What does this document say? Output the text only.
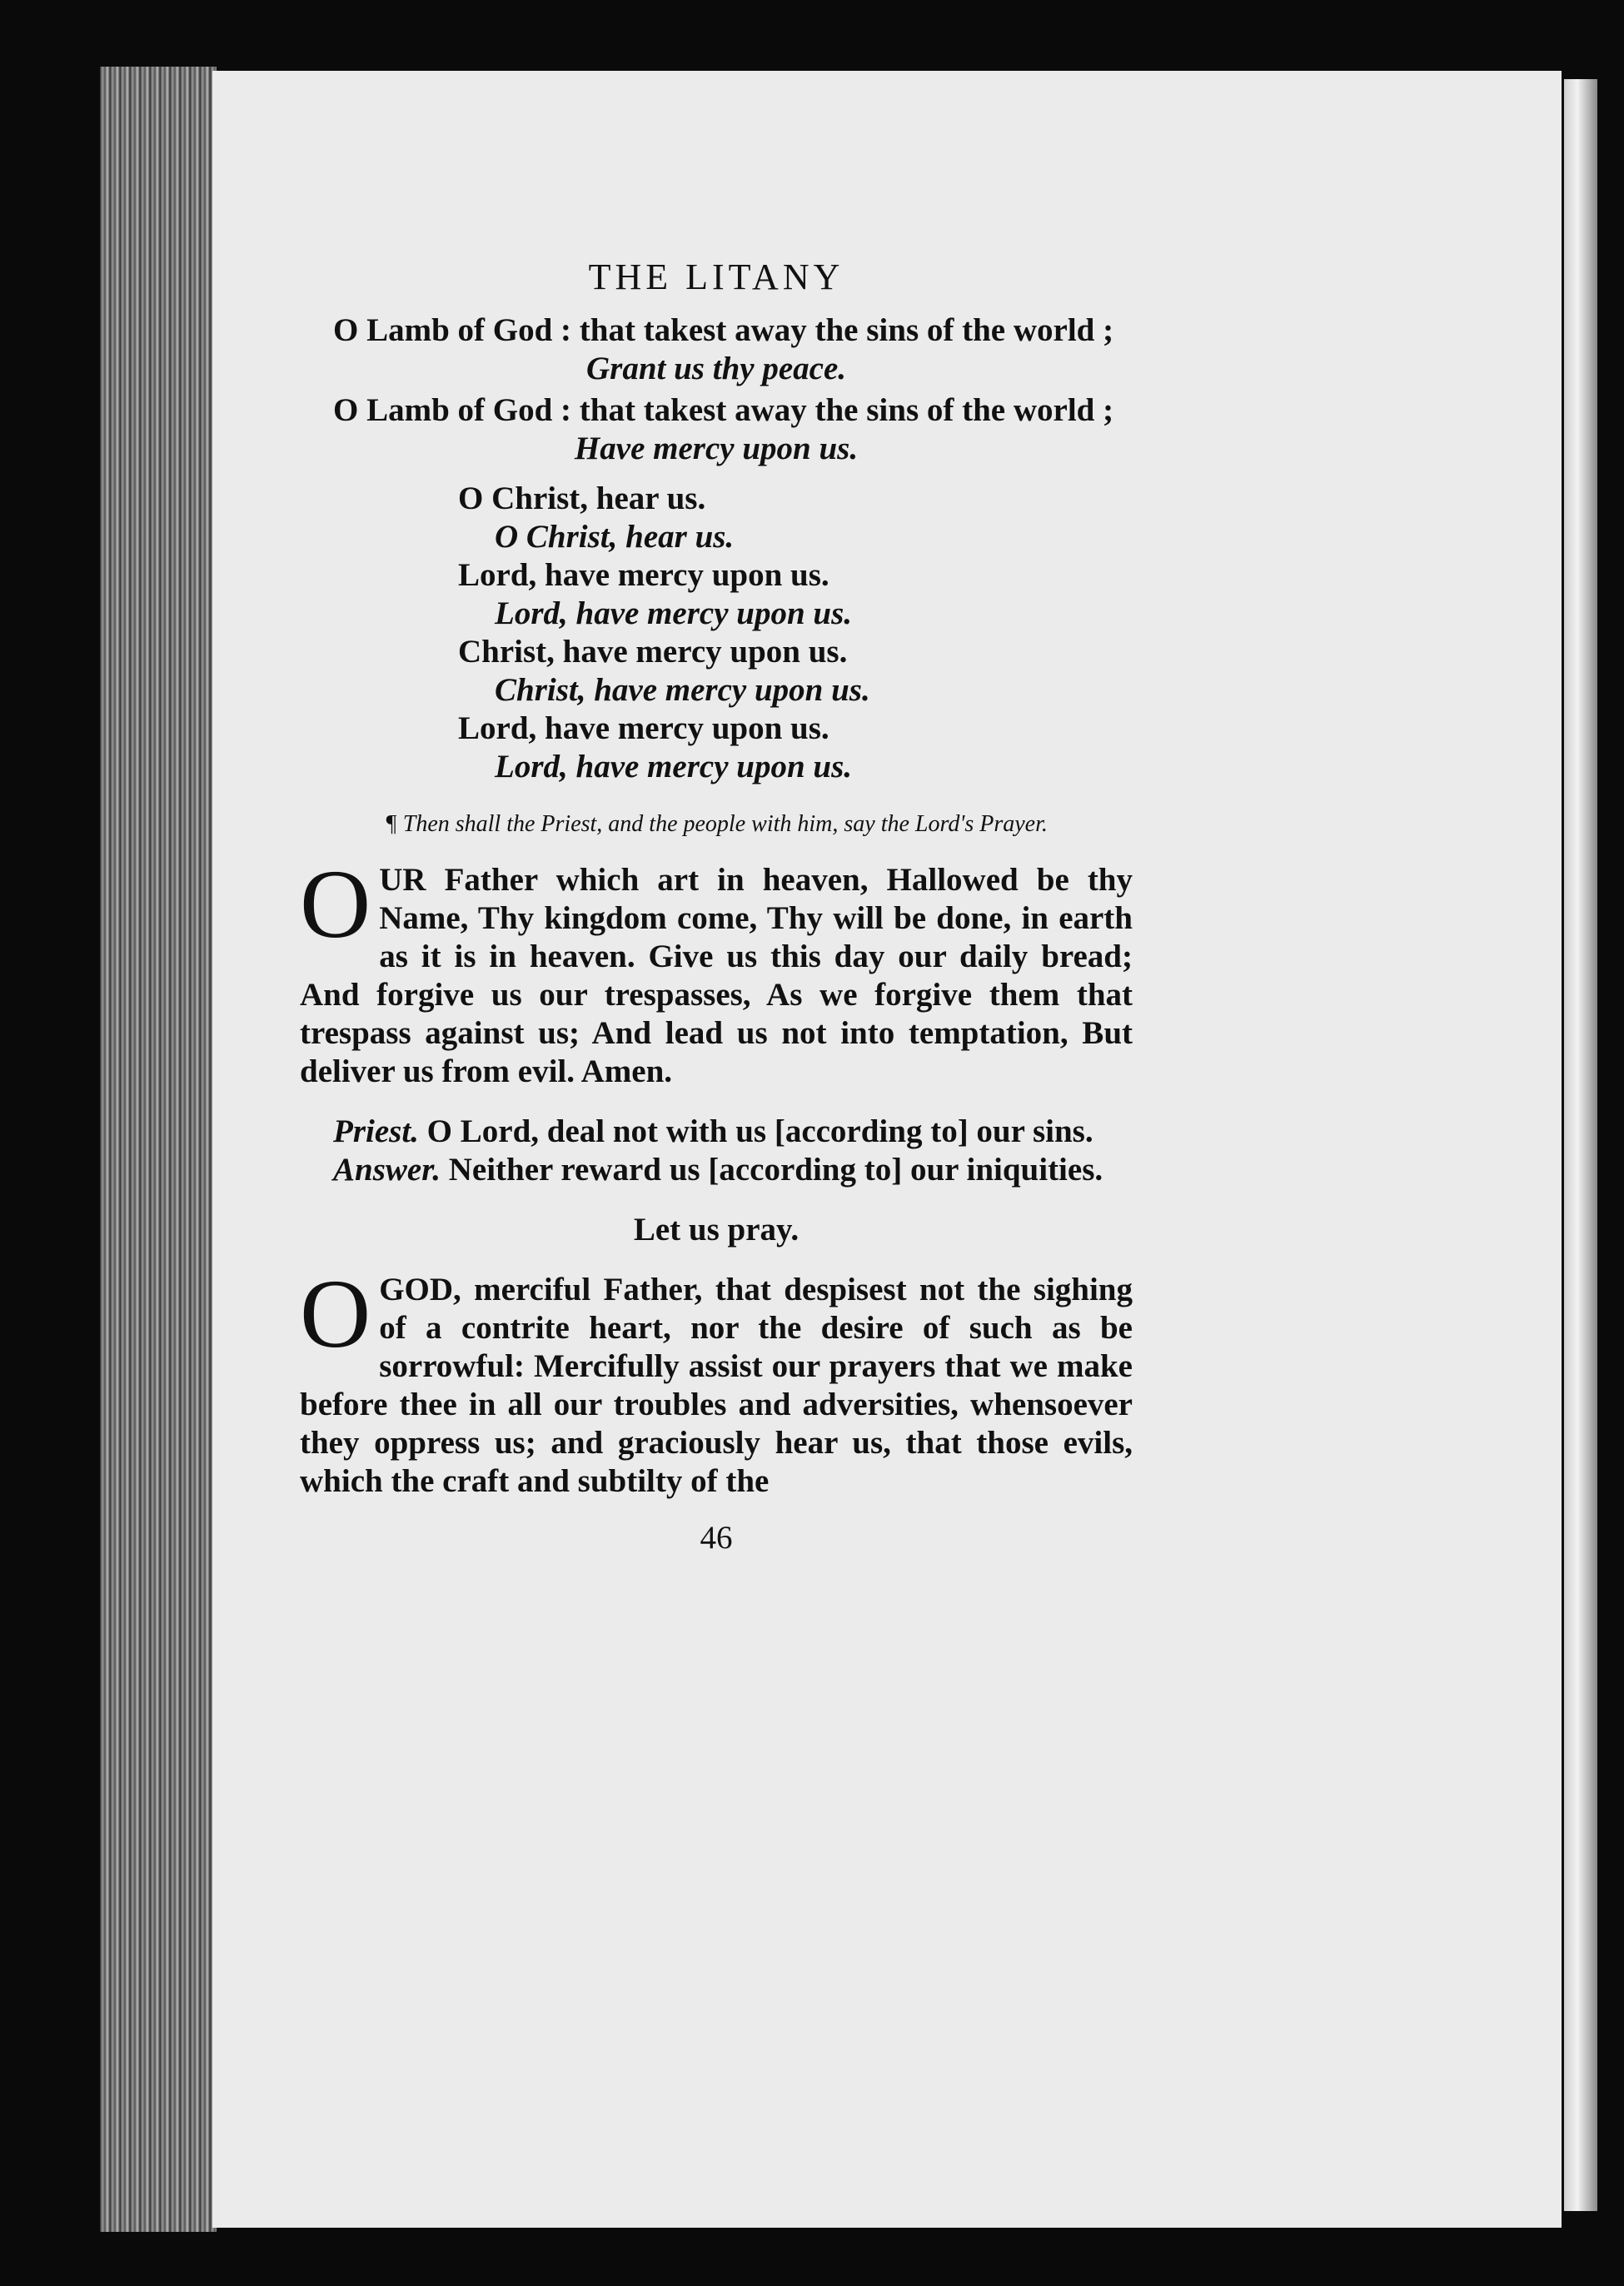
THE LITANY

O Lamb of God : that takest away the sins of the world ;

Grant us thy peace.

O Lamb of God : that takest away the sins of the world ;

Have mercy upon us.

O Christ, hear us.

O Christ, hear us.

Lord, have mercy upon us.

Lord, have mercy upon us.

Christ, have mercy upon us.

Christ, have mercy upon us.

Lord, have mercy upon us.

Lord, have mercy upon us.

¶ Then shall the Priest, and the people with him, say the Lord's Prayer.

OUR Father which art in heaven, Hallowed be thy Name, Thy kingdom come, Thy will be done, in earth as it is in heaven. Give us this day our daily bread; And forgive us our trespasses, As we forgive them that trespass against us; And lead us not into temptation, But deliver us from evil. Amen.

Priest. O Lord, deal not with us [according to] our sins.

Answer. Neither reward us [according to] our iniquities.

Let us pray.

OGOD, merciful Father, that despisest not the sighing of a contrite heart, nor the desire of such as be sorrowful: Mercifully assist our prayers that we make before thee in all our troubles and adversities, whensoever they oppress us; and graciously hear us, that those evils, which the craft and subtilty of the

46
